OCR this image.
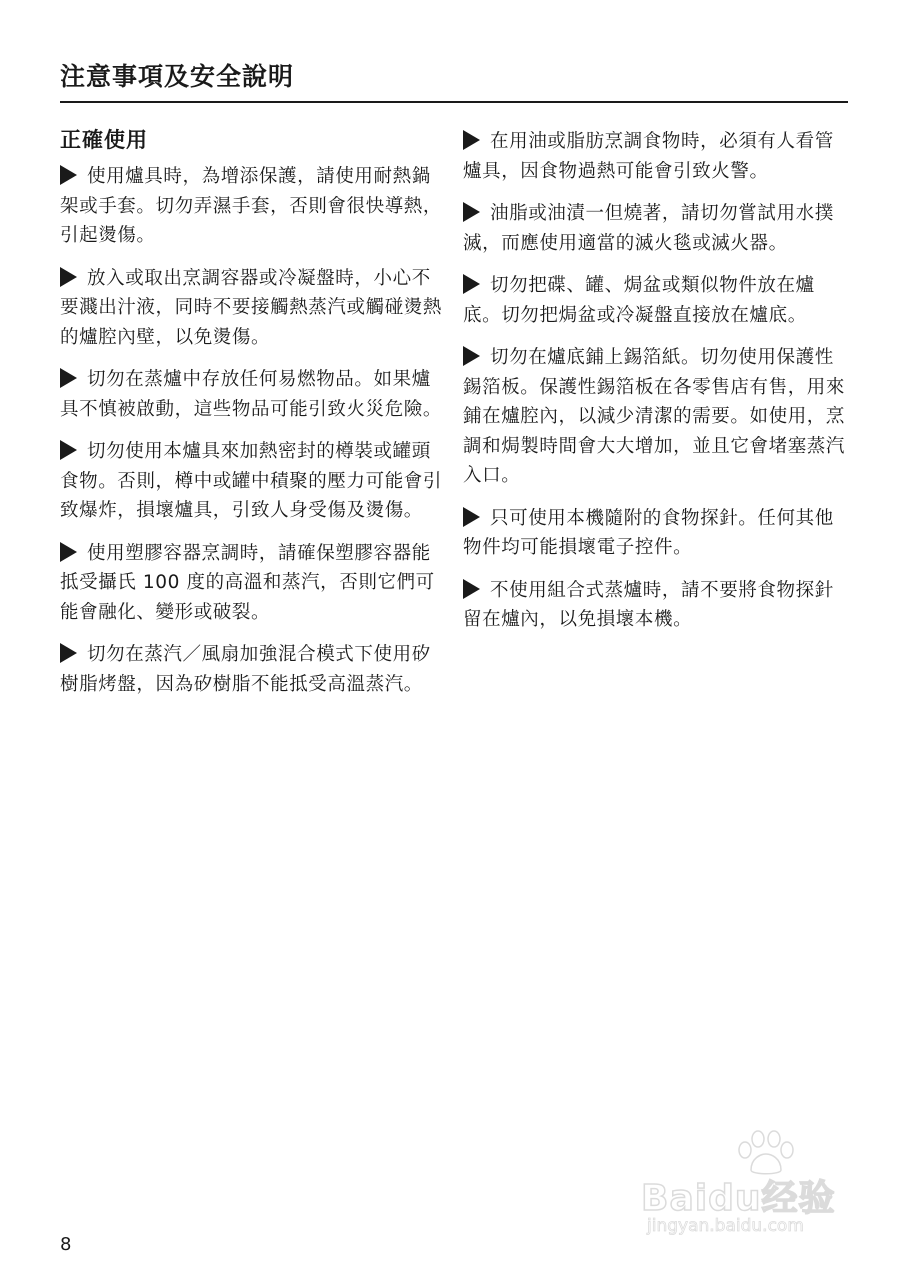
注意事項及安全說明
正確使用

使用爐具時，為增添保護，請使用耐熱鍋架或手套。切勿弄濕手套，否則會很快導熱，引起燙傷。

放入或取出烹調容器或冷凝盤時，小心不要濺出汁液，同時不要接觸熱蒸汽或觸碰燙熱的爐腔內壁，以免燙傷。

切勿在蒸爐中存放任何易燃物品。如果爐具不慎被啟動，這些物品可能引致火災危險。

切勿使用本爐具來加熱密封的樽裝或罐頭食物。否則，樽中或罐中積聚的壓力可能會引致爆炸，損壞爐具，引致人身受傷及燙傷。

使用塑膠容器烹調時，請確保塑膠容器能抵受攝氏 100 度的高溫和蒸汽，否則它們可能會融化、變形或破裂。

切勿在蒸汽／風扇加強混合模式下使用矽樹脂烤盤，因為矽樹脂不能抵受高溫蒸汽。

在用油或脂肪烹調食物時，必須有人看管爐具，因食物過熱可能會引致火警。

油脂或油漬一但燒著，請切勿嘗試用水撲滅，而應使用適當的滅火毯或滅火器。

切勿把碟、罐、焗盆或類似物件放在爐底。切勿把焗盆或冷凝盤直接放在爐底。

切勿在爐底鋪上錫箔紙。切勿使用保護性錫箔板。保護性錫箔板在各零售店有售，用來鋪在爐腔內，以減少清潔的需要。如使用，烹調和焗製時間會大大增加，並且它會堵塞蒸汽入口。

只可使用本機隨附的食物探針。任何其他物件均可能損壞電子控件。

不使用組合式蒸爐時，請不要將食物探針留在爐內，以免損壞本機。

8
Baidu经验
jingyan.baidu.com
